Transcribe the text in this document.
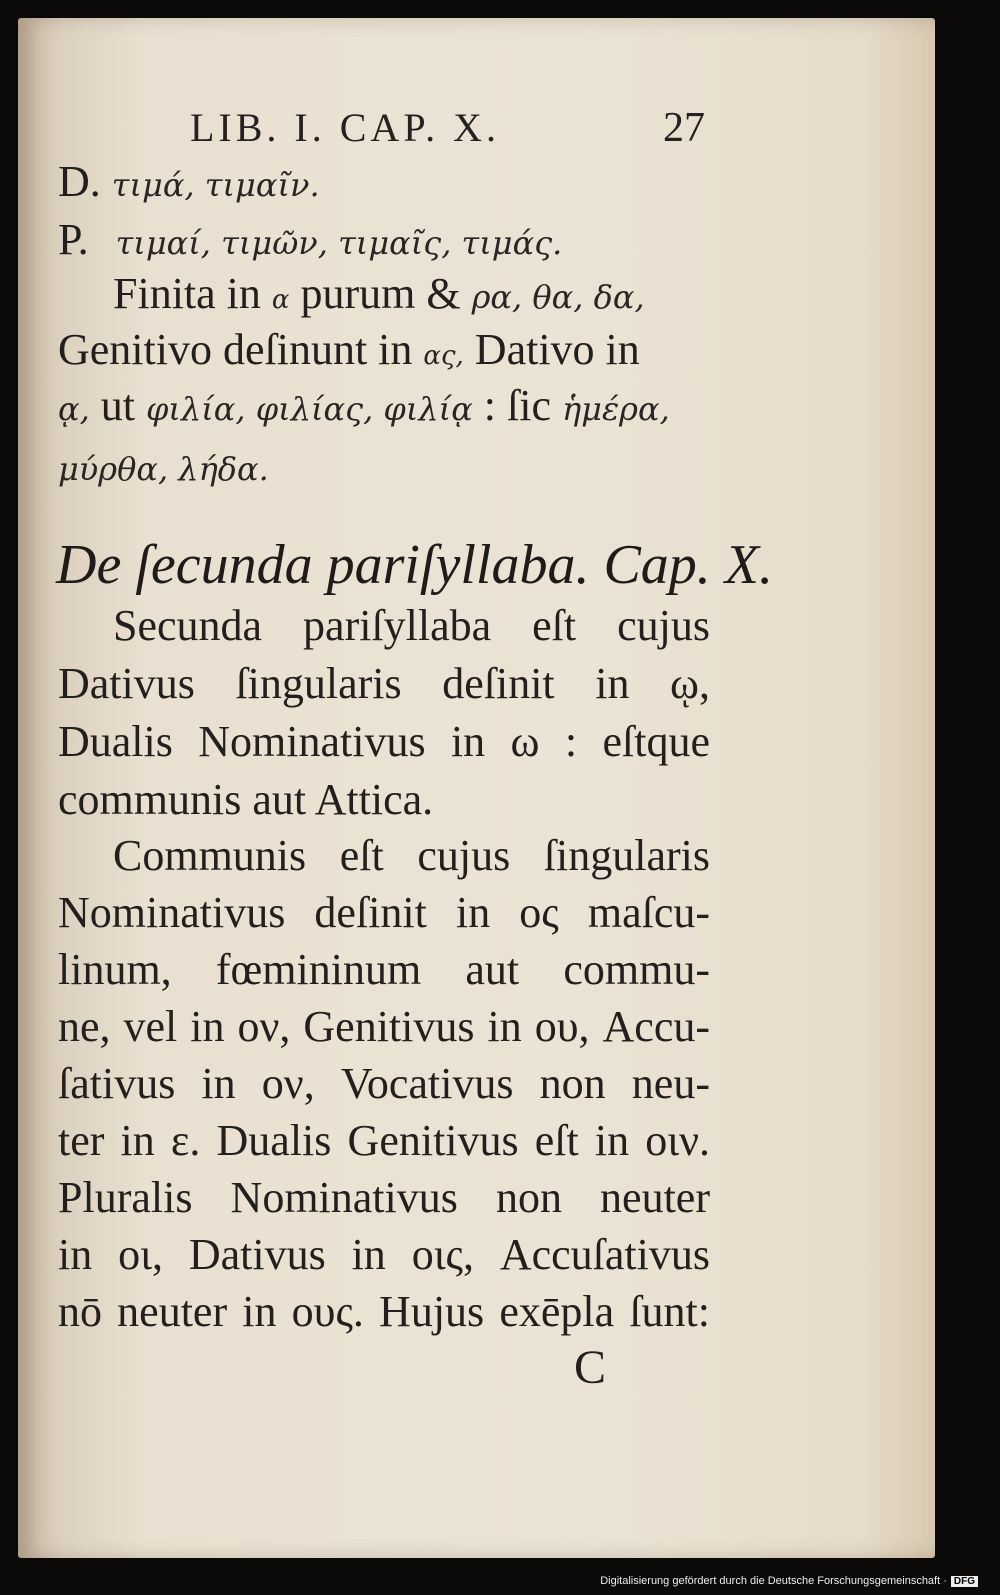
LIB. I. CAP. X.	27
D. τιμά, τιμαῖν.
P. τιμαί, τιμῶν, τιμαῖς, τιμάς.
Finita in α purum & ρα, θα, δα,
Genitivo deſinunt in ας, Dativo in
ᾳ, ut φιλία, φιλίας, φιλίᾳ : ſic ἡμέρα,
μύρθα, λήδα.
De ſecunda pariſyllaba. Cap. X.
Secunda pariſyllaba eſt cujus
Dativus ſingularis deſinit in ῳ,
Dualis Nominativus in ω : eſtque
communis aut Attica.
Communis eſt cujus ſingularis
Nominativus deſinit in ος maſcu-
linum, fœmininum aut commu-
ne, vel in ον, Genitivus in ου, Accu-
ſativus in ον, Vocativus non neu-
ter in ε. Dualis Genitivus eſt in οιν.
Pluralis Nominativus non neuter
in οι, Dativus in οις, Accuſativus
nō neuter in ους. Hujus exēpla ſunt:
C
Digitalisierung gefördert durch die Deutsche Forschungsgemeinschaft · DFG
